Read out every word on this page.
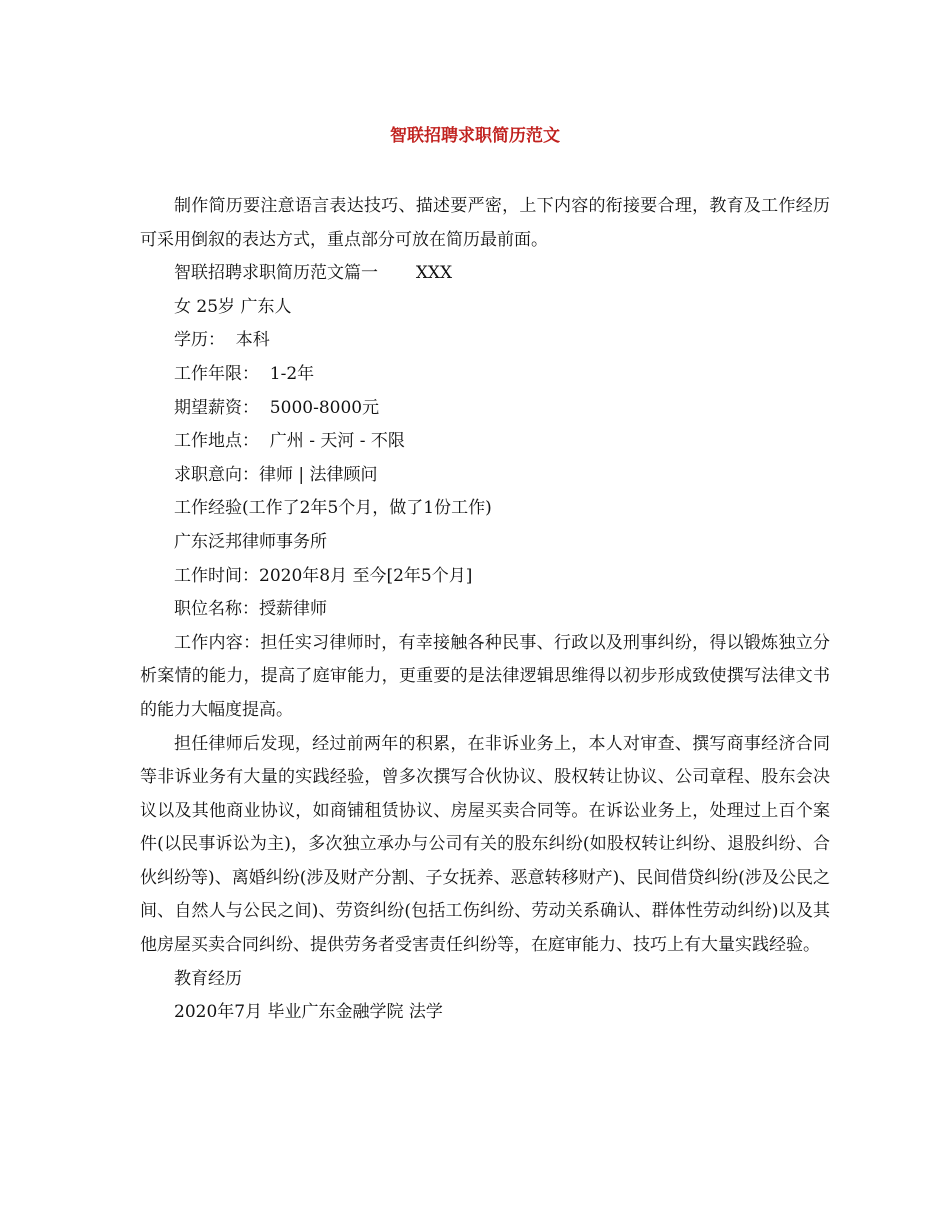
智联招聘求职简历范文

制作简历要注意语言表达技巧、描述要严密，上下内容的衔接要合理，教育及工作经历可采用倒叙的表达方式，重点部分可放在简历最前面。

智联招聘求职简历范文篇一       XXX

女 25岁 广东人

学历：  本科

工作年限：  1-2年

期望薪资：  5000-8000元

工作地点：  广州 - 天河 - 不限

求职意向：律师 | 法律顾问

工作经验(工作了2年5个月，做了1份工作)

广东泛邦律师事务所

工作时间：2020年8月 至今[2年5个月]

职位名称：授薪律师

工作内容：担任实习律师时，有幸接触各种民事、行政以及刑事纠纷，得以锻炼独立分析案情的能力，提高了庭审能力，更重要的是法律逻辑思维得以初步形成致使撰写法律文书的能力大幅度提高。

担任律师后发现，经过前两年的积累，在非诉业务上，本人对审查、撰写商事经济合同等非诉业务有大量的实践经验，曾多次撰写合伙协议、股权转让协议、公司章程、股东会决议以及其他商业协议，如商铺租赁协议、房屋买卖合同等。在诉讼业务上，处理过上百个案件(以民事诉讼为主)，多次独立承办与公司有关的股东纠纷(如股权转让纠纷、退股纠纷、合伙纠纷等)、离婚纠纷(涉及财产分割、子女抚养、恶意转移财产)、民间借贷纠纷(涉及公民之间、自然人与公民之间)、劳资纠纷(包括工伤纠纷、劳动关系确认、群体性劳动纠纷)以及其他房屋买卖合同纠纷、提供劳务者受害责任纠纷等，在庭审能力、技巧上有大量实践经验。

教育经历

2020年7月 毕业广东金融学院 法学
